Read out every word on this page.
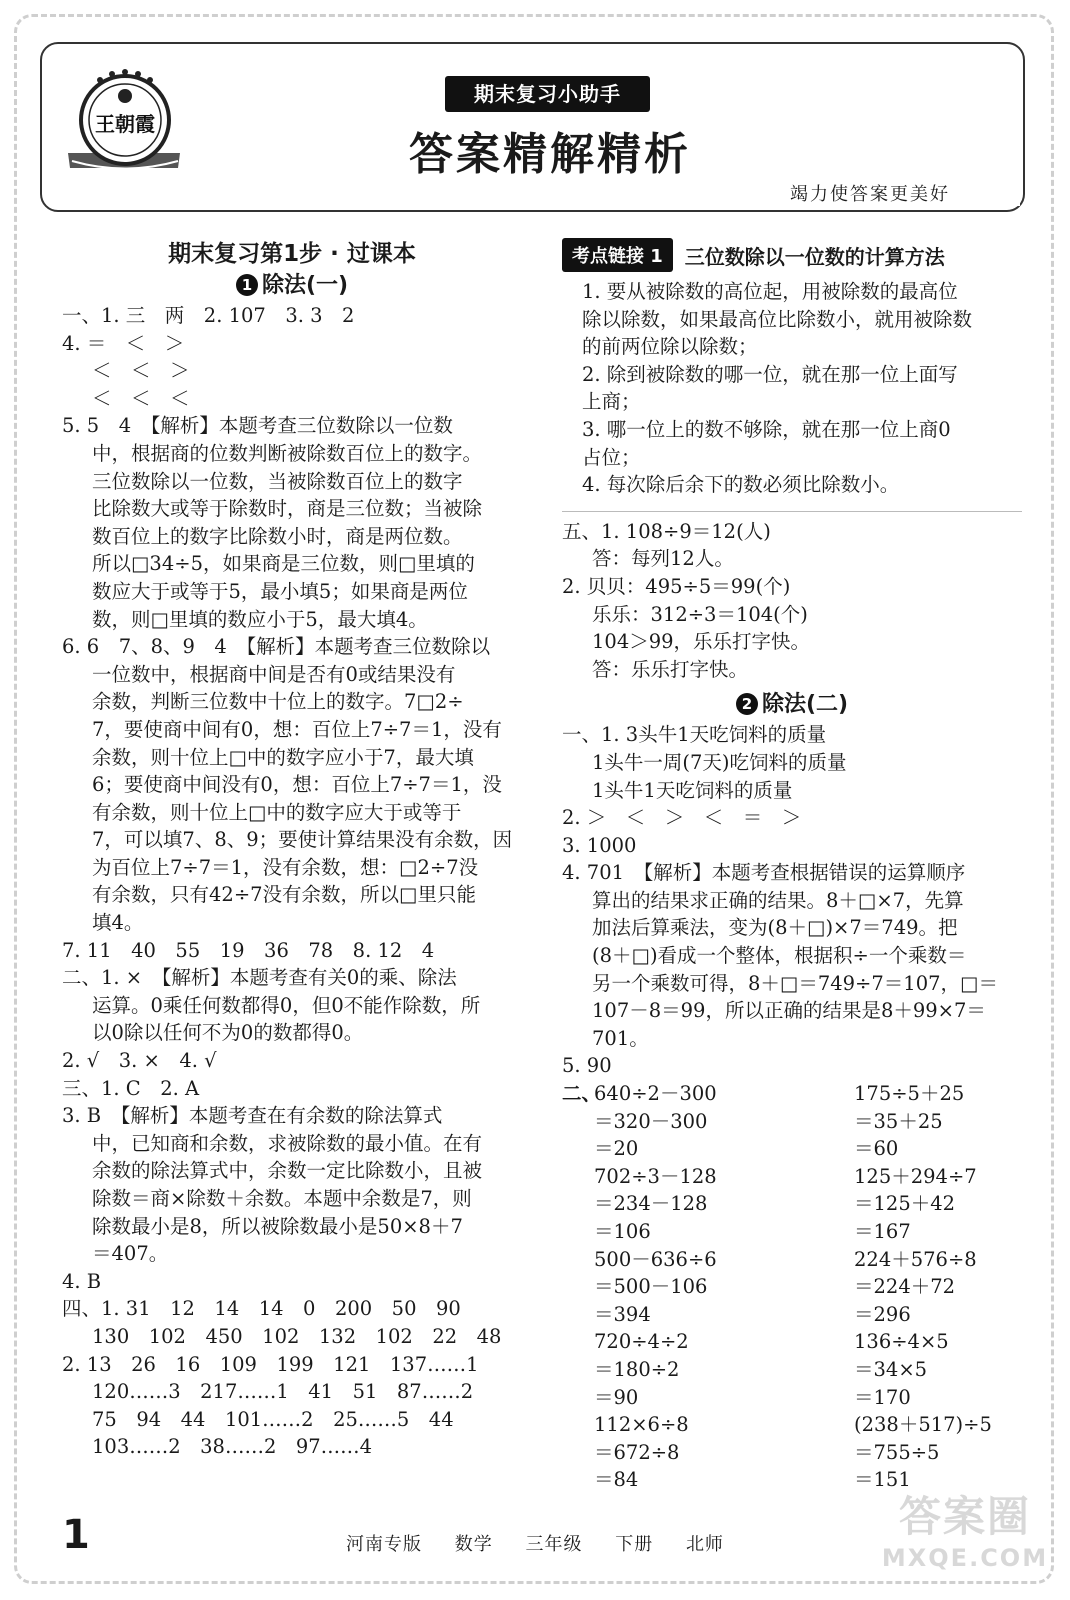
王朝霞
期末复习小助手
答案精解精析
竭力使答案更美好
期末复习第1步 · 过课本
1 除法(一)
一、1. 三　两　2. 107　3. 3　2
4. ＝　＜　＞
＜　＜　＞
＜　＜　＜
5. 5　4　【解析】本题考查三位数除以一位数
中，根据商的位数判断被除数百位上的数字。
三位数除以一位数，当被除数百位上的数字
比除数大或等于除数时，商是三位数；当被除
数百位上的数字比除数小时，商是两位数。
所以□34÷5，如果商是三位数，则□里填的
数应大于或等于5，最小填5；如果商是两位
数，则□里填的数应小于5，最大填4。
6. 6　7、8、9　4　【解析】本题考查三位数除以
一位数中，根据商中间是否有0或结果没有
余数，判断三位数中十位上的数字。7□2÷
7，要使商中间有0，想：百位上7÷7＝1，没有
余数，则十位上□中的数字应小于7，最大填
6；要使商中间没有0，想：百位上7÷7＝1，没
有余数，则十位上□中的数字应大于或等于
7，可以填7、8、9；要使计算结果没有余数，因
为百位上7÷7＝1，没有余数，想：□2÷7没
有余数，只有42÷7没有余数，所以□里只能
填4。
7. 11　40　55　19　36　78　8. 12　4
二、1. ×　【解析】本题考查有关0的乘、除法
运算。0乘任何数都得0，但0不能作除数，所
以0除以任何不为0的数都得0。
2. √　3. ×　4. √
三、1. C　2. A
3. B　【解析】本题考查在有余数的除法算式
中，已知商和余数，求被除数的最小值。在有
余数的除法算式中，余数一定比除数小，且被
除数＝商×除数＋余数。本题中余数是7，则
除数最小是8，所以被除数最小是50×8＋7
＝407。
4. B
四、1. 31　12　14　14　0　200　50　90
130　102　450　102　132　102　22　48
2. 13　26　16　109　199　121　137……1
120……3　217……1　41　51　87……2
75　94　44　101……2　25……5　44
103……2　38……2　97……4
考点链接 1	三位数除以一位数的计算方法
1. 要从被除数的高位起，用被除数的最高位
除以除数，如果最高位比除数小，就用被除数
的前两位除以除数；
2. 除到被除数的哪一位，就在那一位上面写
上商；
3. 哪一位上的数不够除，就在那一位上商0
占位；
4. 每次除后余下的数必须比除数小。
五、1. 108÷9＝12(人)
答：每列12人。
2. 贝贝：495÷5＝99(个)
乐乐：312÷3＝104(个)
104＞99，乐乐打字快。
答：乐乐打字快。
2 除法(二)
一、1. 3头牛1天吃饲料的质量
1头牛一周(7天)吃饲料的质量
1头牛1天吃饲料的质量
2. ＞　＜　＞　＜　＝　＞
3. 1000
4. 701　【解析】本题考查根据错误的运算顺序
算出的结果求正确的结果。8＋□×7，先算
加法后算乘法，变为(8＋□)×7＝749。把
(8＋□)看成一个整体，根据积÷一个乘数＝
另一个乘数可得，8＋□＝749÷7＝107，□＝
107－8＝99，所以正确的结果是8＋99×7＝
701。
5. 90
二、
640÷2－300
＝320－300
＝20
702÷3－128
＝234－128
＝106
500－636÷6
＝500－106
＝394
720÷4÷2
＝180÷2
＝90
112×6÷8
＝672÷8
＝84
175÷5＋25
＝35＋25
＝60
125＋294÷7
＝125＋42
＝167
224＋576÷8
＝224＋72
＝296
136÷4×5
＝34×5
＝170
(238＋517)÷5
＝755÷5
＝151
1	河南专版 数学 三年级 下册 北师
答案圈
MXQE.COM
